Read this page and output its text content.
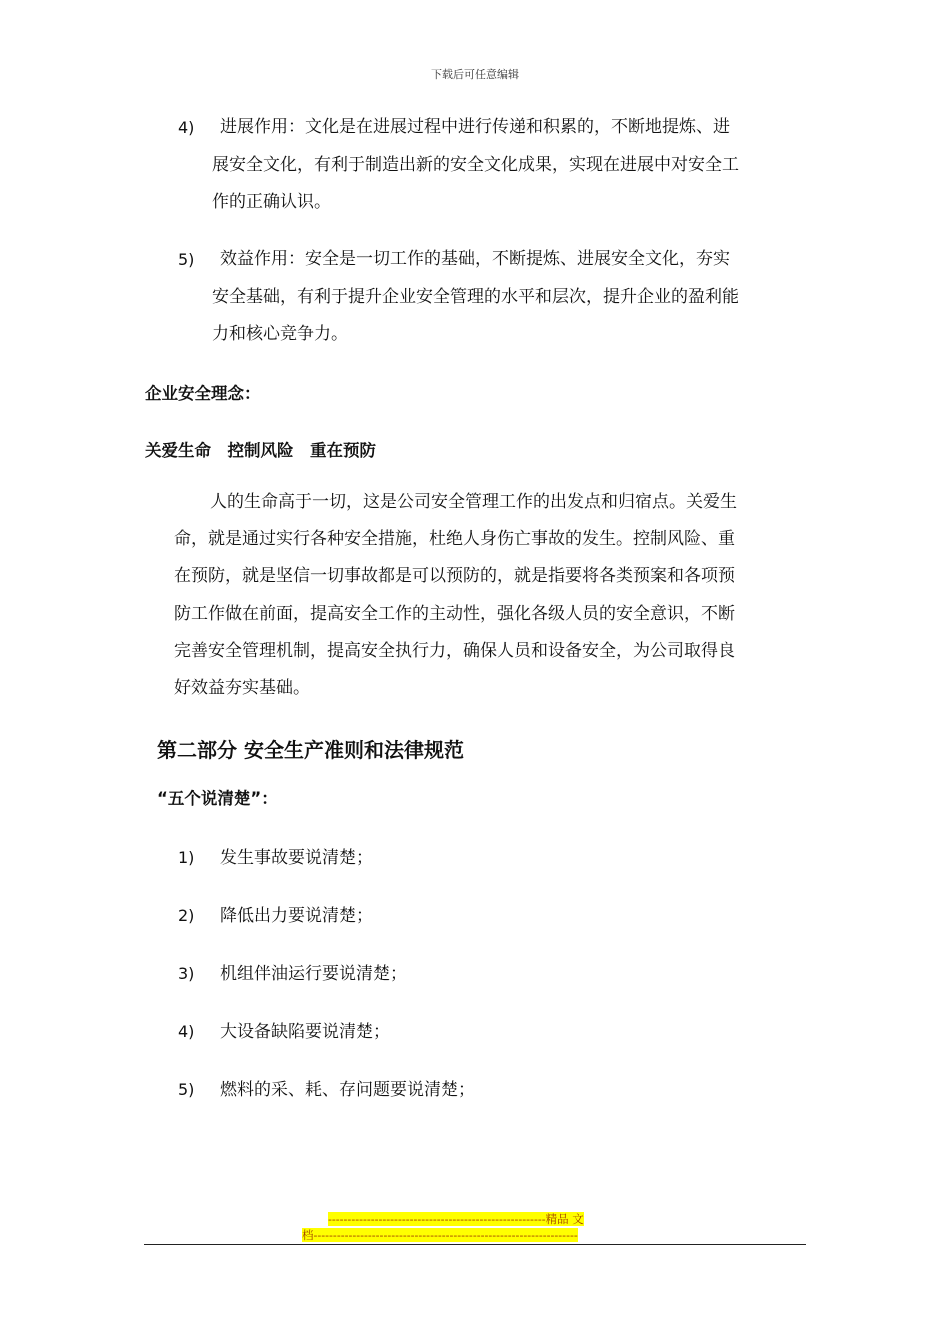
下载后可任意编辑
4)	进展作用：文化是在进展过程中进行传递和积累的，不断地提炼、进

展安全文化，有利于制造出新的安全文化成果，实现在进展中对安全工

作的正确认识。

5)	效益作用：安全是一切工作的基础，不断提炼、进展安全文化，夯实

安全基础，有利于提升企业安全管理的水平和层次，提升企业的盈利能

力和核心竞争力。

企业安全理念：
关爱生命　控制风险　重在预防

人的生命高于一切，这是公司安全管理工作的出发点和归宿点。关爱生

命，就是通过实行各种安全措施，杜绝人身伤亡事故的发生。控制风险、重
在预防，就是坚信一切事故都是可以预防的，就是指要将各类预案和各项预
防工作做在前面，提高安全工作的主动性，强化各级人员的安全意识，不断
完善安全管理机制，提高安全执行力，确保人员和设备安全，为公司取得良
好效益夯实基础。
第二部分 安全生产准则和法律规范
“五个说清楚”：
1) 发生事故要说清楚；
2) 降低出力要说清楚；
3) 机组伴油运行要说清楚；
4) 大设备缺陷要说清楚；
5) 燃料的采、耗、存问题要说清楚；
--------------------------------------------------------精品 文
档--------------------------------------------------------------------
